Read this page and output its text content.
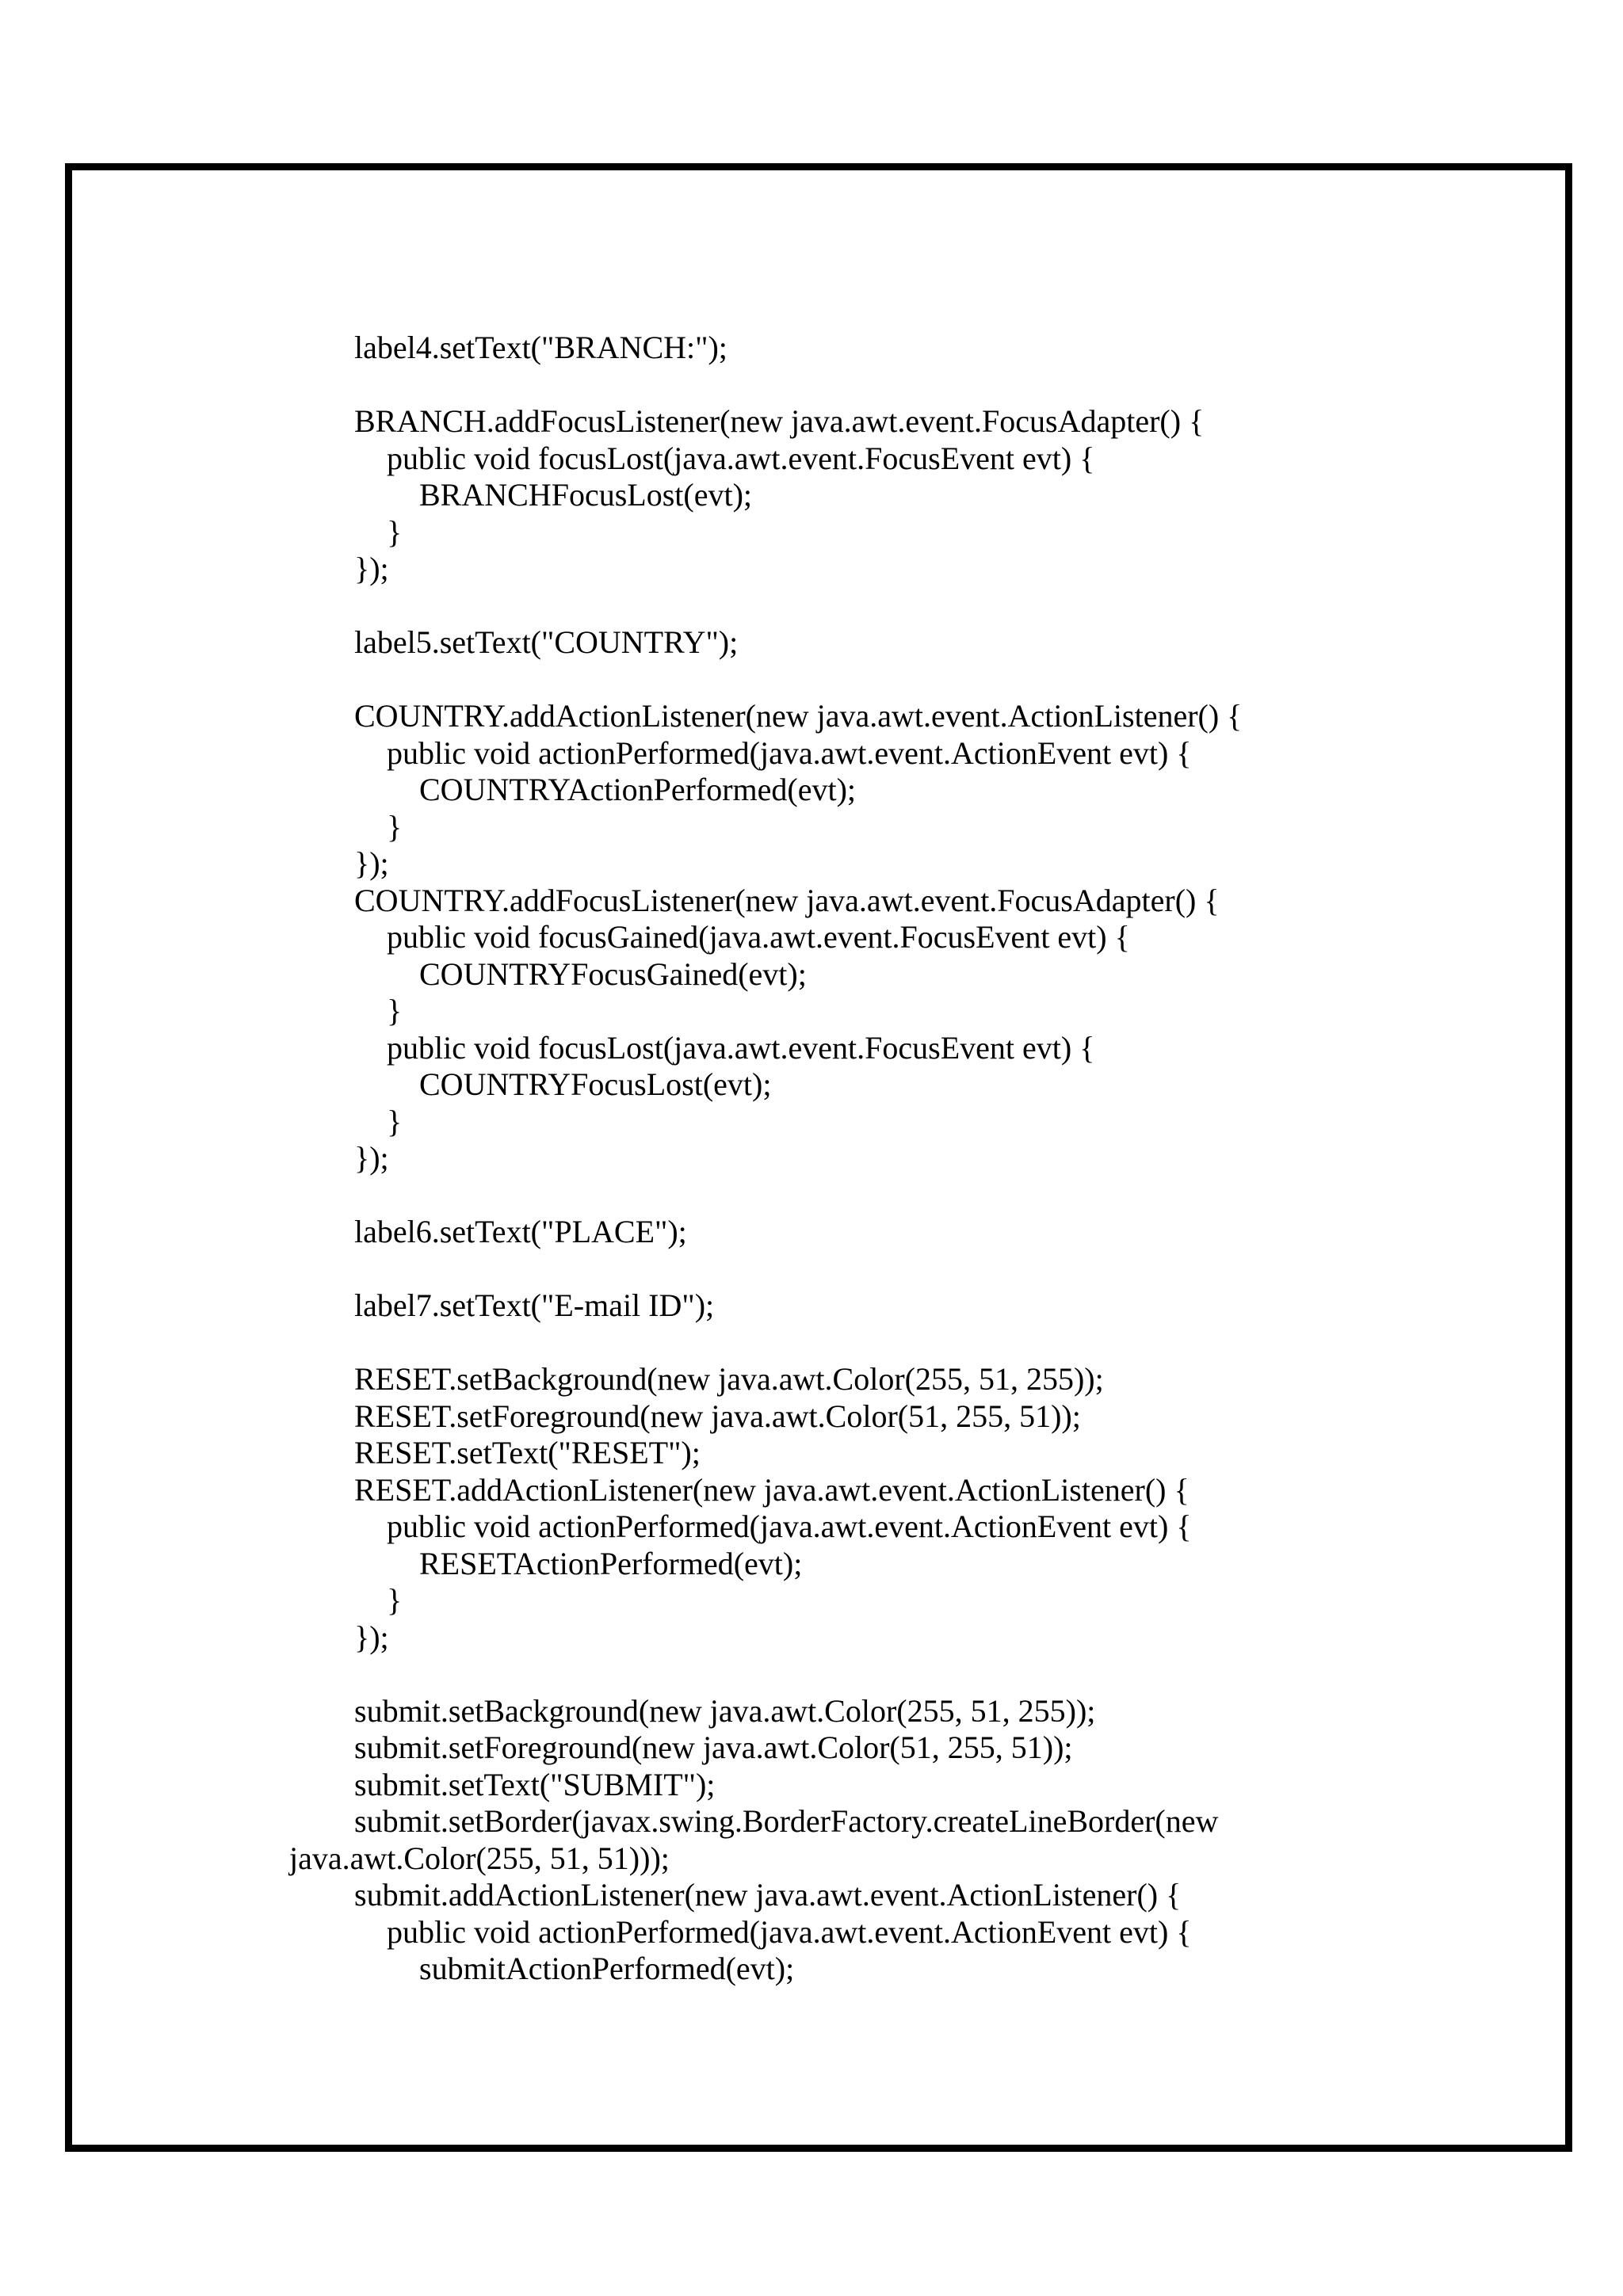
label4.setText("BRANCH:");
BRANCH.addFocusListener(new java.awt.event.FocusAdapter() {
public void focusLost(java.awt.event.FocusEvent evt) {
BRANCHFocusLost(evt);
}
});
label5.setText("COUNTRY");
COUNTRY.addActionListener(new java.awt.event.ActionListener() {
public void actionPerformed(java.awt.event.ActionEvent evt) {
COUNTRYActionPerformed(evt);
}
});
COUNTRY.addFocusListener(new java.awt.event.FocusAdapter() {
public void focusGained(java.awt.event.FocusEvent evt) {
COUNTRYFocusGained(evt);
}
public void focusLost(java.awt.event.FocusEvent evt) {
COUNTRYFocusLost(evt);
}
});
label6.setText("PLACE");
label7.setText("E-mail ID");
RESET.setBackground(new java.awt.Color(255, 51, 255));
RESET.setForeground(new java.awt.Color(51, 255, 51));
RESET.setText("RESET");
RESET.addActionListener(new java.awt.event.ActionListener() {
public void actionPerformed(java.awt.event.ActionEvent evt) {
RESETActionPerformed(evt);
}
});
submit.setBackground(new java.awt.Color(255, 51, 255));
submit.setForeground(new java.awt.Color(51, 255, 51));
submit.setText("SUBMIT");
submit.setBorder(javax.swing.BorderFactory.createLineBorder(new
java.awt.Color(255, 51, 51)));
submit.addActionListener(new java.awt.event.ActionListener() {
public void actionPerformed(java.awt.event.ActionEvent evt) {
submitActionPerformed(evt);
